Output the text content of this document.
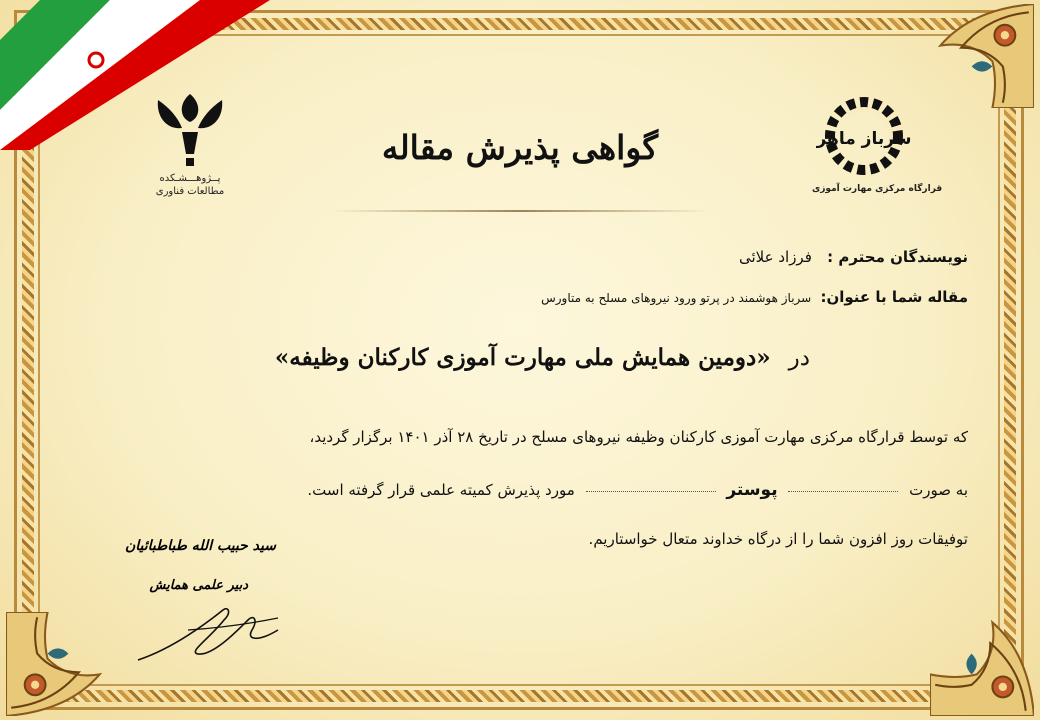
پــژوهـــشـکده
مطالعات فناوری
سرباز ماهر
قرارگاه مرکزی مهارت آموزی
گواهی پذیرش مقاله
نویسندگان محترم : فرزاد علائی
مقاله شما با عنوان: سرباز هوشمند در پرتو ورود نیروهای مسلح به متاورس
در «دومین همایش ملی مهارت آموزی کارکنان وظیفه»
که توسط قرارگاه مرکزی مهارت آموزی کارکنان وظیفه نیروهای مسلح در تاریخ ۲۸ آذر ۱۴۰۱ برگزار گردید،
به صورت  پوستر  مورد پذیرش کمیته علمی قرار گرفته است.
توفیقات روز افزون شما را از درگاه خداوند متعال خواستاریم.
سید حبیب الله طباطبائیان
دبیر علمی همایش
